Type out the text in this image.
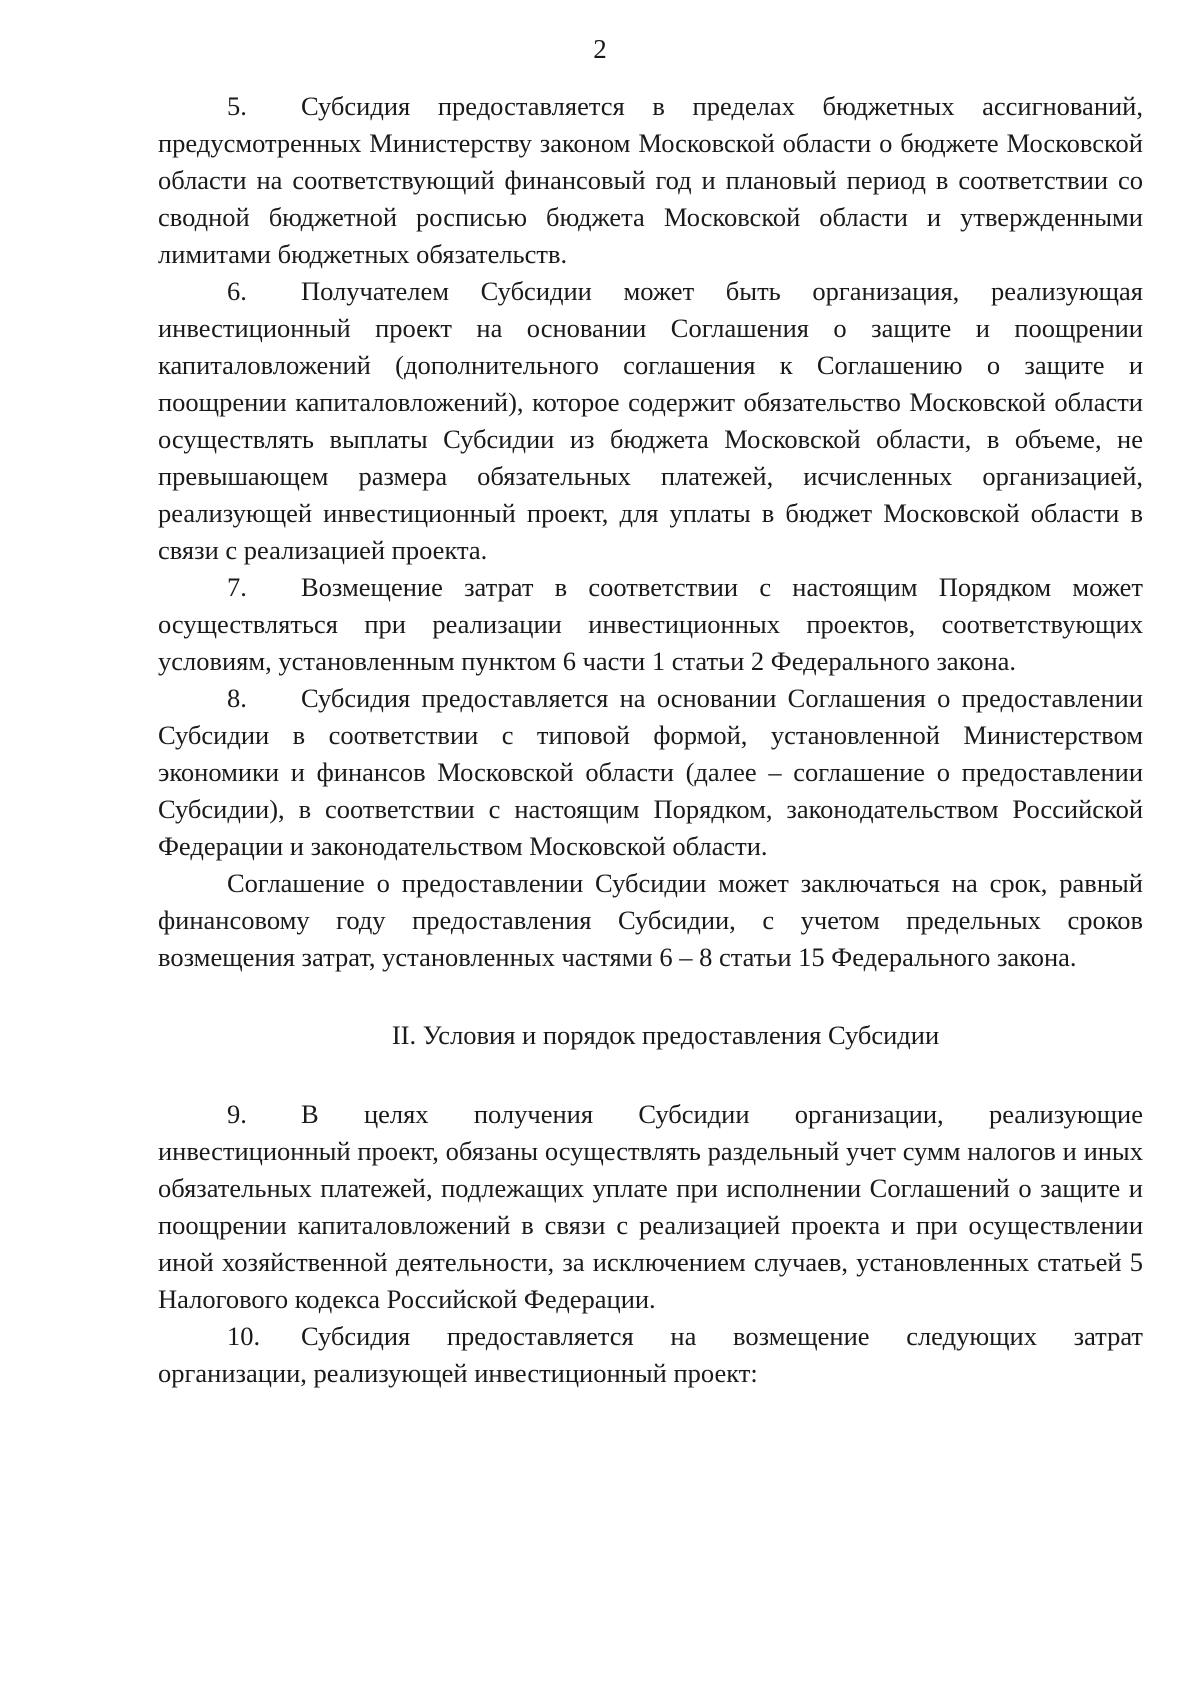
2

5. Субсидия предоставляется в пределах бюджетных ассигнований, предусмотренных Министерству законом Московской области о бюджете Московской области на соответствующий финансовый год и плановый период в соответствии со сводной бюджетной росписью бюджета Московской области и утвержденными лимитами бюджетных обязательств.

6. Получателем Субсидии может быть организация, реализующая инвестиционный проект на основании Соглашения о защите и поощрении капиталовложений (дополнительного соглашения к Соглашению о защите и поощрении капиталовложений), которое содержит обязательство Московской области осуществлять выплаты Субсидии из бюджета Московской области, в объеме, не превышающем размера обязательных платежей, исчисленных организацией, реализующей инвестиционный проект, для уплаты в бюджет Московской области в связи с реализацией проекта.

7. Возмещение затрат в соответствии с настоящим Порядком может осуществляться при реализации инвестиционных проектов, соответствующих условиям, установленным пунктом 6 части 1 статьи 2 Федерального закона.

8. Субсидия предоставляется на основании Соглашения о предоставлении Субсидии в соответствии с типовой формой, установленной Министерством экономики и финансов Московской области (далее – соглашение о предоставлении Субсидии), в соответствии с настоящим Порядком, законодательством Российской Федерации и законодательством Московской области.

Соглашение о предоставлении Субсидии может заключаться на срок, равный финансовому году предоставления Субсидии, с учетом предельных сроков возмещения затрат, установленных частями 6 – 8 статьи 15 Федерального закона.

II. Условия и порядок предоставления Субсидии

9. В целях получения Субсидии организации, реализующие инвестиционный проект, обязаны осуществлять раздельный учет сумм налогов и иных обязательных платежей, подлежащих уплате при исполнении Соглашений о защите и поощрении капиталовложений в связи с реализацией проекта и при осуществлении иной хозяйственной деятельности, за исключением случаев, установленных статьей 5 Налогового кодекса Российской Федерации.

10. Субсидия предоставляется на возмещение следующих затрат организации, реализующей инвестиционный проект:
